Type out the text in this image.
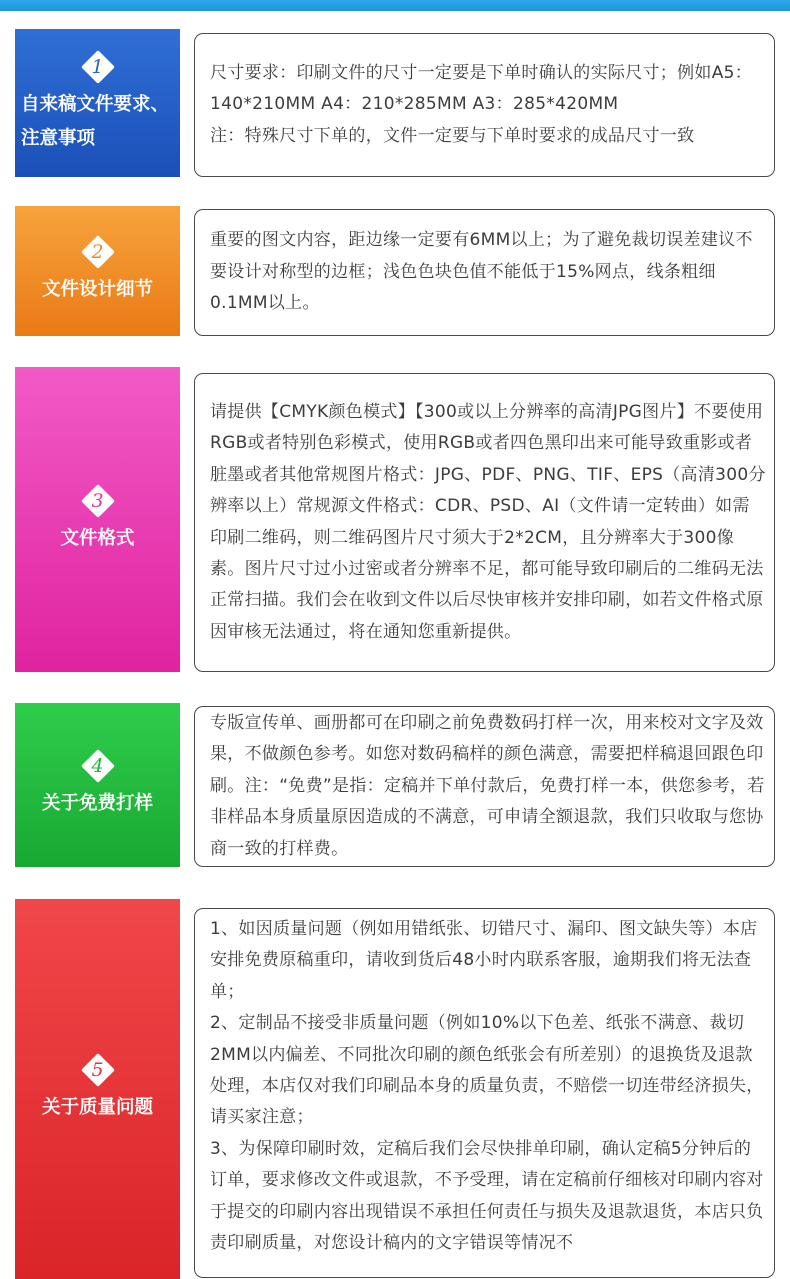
1
自来稿文件要求、
注意事项

尺寸要求：印刷文件的尺寸一定要是下单时确认的实际尺寸；例如A5：140*210MM A4：210*285MM A3：285*420MM

注：特殊尺寸下单的，文件一定要与下单时要求的成品尺寸一致

2
文件设计细节

重要的图文内容，距边缘一定要有6MM以上；为了避免裁切误差建议不要设计对称型的边框；浅色色块色值不能低于15%网点，线条粗细0.1MM以上。

3
文件格式

请提供【CMYK颜色模式】【300或以上分辨率的高清JPG图片】不要使用RGB或者特别色彩模式，使用RGB或者四色黑印出来可能导致重影或者脏墨或者其他常规图片格式：JPG、PDF、PNG、TIF、EPS（高清300分辨率以上）常规源文件格式：CDR、PSD、AI（文件请一定转曲）如需印刷二维码，则二维码图片尺寸须大于2*2CM，且分辨率大于300像素。图片尺寸过小过密或者分辨率不足，都可能导致印刷后的二维码无法正常扫描。我们会在收到文件以后尽快审核并安排印刷，如若文件格式原因审核无法通过，将在通知您重新提供。

4
关于免费打样

专版宣传单、画册都可在印刷之前免费数码打样一次，用来校对文字及效果，不做颜色参考。如您对数码稿样的颜色满意，需要把样稿退回跟色印刷。注：“免费”是指：定稿并下单付款后，免费打样一本，供您参考，若非样品本身质量原因造成的不满意，可申请全额退款，我们只收取与您协商一致的打样费。

5
关于质量问题

1、如因质量问题（例如用错纸张、切错尺寸、漏印、图文缺失等）本店安排免费原稿重印，请收到货后48小时内联系客服，逾期我们将无法查单；

2、定制品不接受非质量问题（例如10%以下色差、纸张不满意、裁切2MM以内偏差、不同批次印刷的颜色纸张会有所差别）的退换货及退款处理，本店仅对我们印刷品本身的质量负责，不赔偿一切连带经济损失，请买家注意；

3、为保障印刷时效，定稿后我们会尽快排单印刷，确认定稿5分钟后的订单，要求修改文件或退款，不予受理，请在定稿前仔细核对印刷内容对于提交的印刷内容出现错误不承担任何责任与损失及退款退货，本店只负责印刷质量，对您设计稿内的文字错误等情况不
